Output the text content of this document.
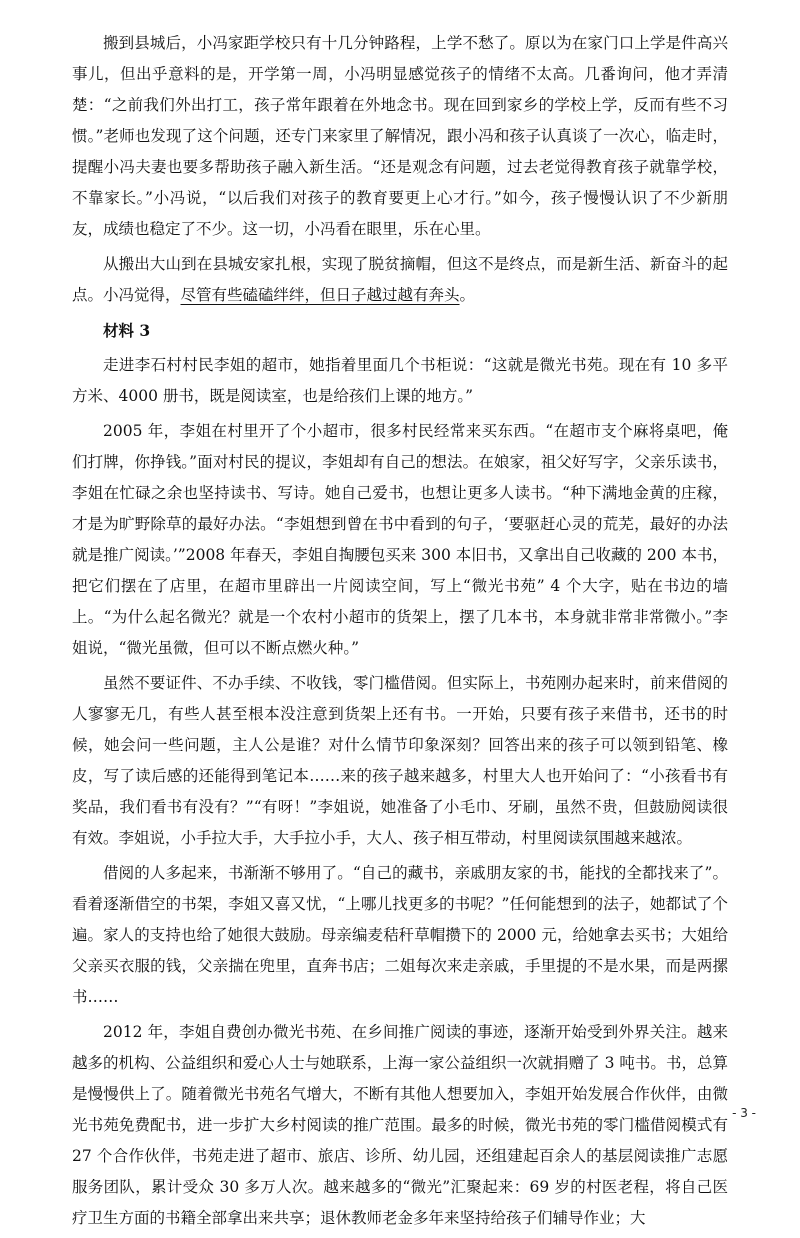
搬到县城后，小冯家距学校只有十几分钟路程，上学不愁了。原以为在家门口上学是件高兴事儿，但出乎意料的是，开学第一周，小冯明显感觉孩子的情绪不太高。几番询问，他才弄清楚：“之前我们外出打工，孩子常年跟着在外地念书。现在回到家乡的学校上学，反而有些不习惯。”老师也发现了这个问题，还专门来家里了解情况，跟小冯和孩子认真谈了一次心，临走时，提醒小冯夫妻也要多帮助孩子融入新生活。“还是观念有问题，过去老觉得教育孩子就靠学校，不靠家长。”小冯说，“以后我们对孩子的教育要更上心才行。”如今，孩子慢慢认识了不少新朋友，成绩也稳定了不少。这一切，小冯看在眼里，乐在心里。

从搬出大山到在县城安家扎根，实现了脱贫摘帽，但这不是终点，而是新生活、新奋斗的起点。小冯觉得，尽管有些磕磕绊绊，但日子越过越有奔头。

材料 3

走进李石村村民李姐的超市，她指着里面几个书柜说：“这就是微光书苑。现在有 10 多平方米、4000 册书，既是阅读室，也是给孩们上课的地方。”

2005 年，李姐在村里开了个小超市，很多村民经常来买东西。“在超市支个麻将桌吧，俺们打牌，你挣钱。”面对村民的提议，李姐却有自己的想法。在娘家，祖父好写字，父亲乐读书，李姐在忙碌之余也坚持读书、写诗。她自己爱书，也想让更多人读书。“种下满地金黄的庄稼，才是为旷野除草的最好办法。“李姐想到曾在书中看到的句子，‘要驱赶心灵的荒芜，最好的办法就是推广阅读。’”2008 年春天，李姐自掏腰包买来 300 本旧书，又拿出自己收藏的 200 本书，把它们摆在了店里，在超市里辟出一片阅读空间，写上“微光书苑” 4 个大字，贴在书边的墙上。“为什么起名微光？就是一个农村小超市的货架上，摆了几本书，本身就非常非常微小。”李姐说，“微光虽微，但可以不断点燃火种。”

虽然不要证件、不办手续、不收钱，零门槛借阅。但实际上，书苑刚办起来时，前来借阅的人寥寥无几，有些人甚至根本没注意到货架上还有书。一开始，只要有孩子来借书，还书的时候，她会问一些问题，主人公是谁？对什么情节印象深刻？回答出来的孩子可以领到铅笔、橡皮，写了读后感的还能得到笔记本……来的孩子越来越多，村里大人也开始问了：“小孩看书有奖品，我们看书有没有？”“有呀！”李姐说，她准备了小毛巾、牙刷，虽然不贵，但鼓励阅读很有效。李姐说，小手拉大手，大手拉小手，大人、孩子相互带动，村里阅读氛围越来越浓。

借阅的人多起来，书渐渐不够用了。“自己的藏书，亲戚朋友家的书，能找的全都找来了”。看着逐渐借空的书架，李姐又喜又忧，“上哪儿找更多的书呢？”任何能想到的法子，她都试了个遍。家人的支持也给了她很大鼓励。母亲编麦秸秆草帽攒下的 2000 元，给她拿去买书；大姐给父亲买衣服的钱，父亲揣在兜里，直奔书店；二姐每次来走亲戚，手里提的不是水果，而是两摞书……

2012 年，李姐自费创办微光书苑、在乡间推广阅读的事迹，逐渐开始受到外界关注。越来越多的机构、公益组织和爱心人士与她联系，上海一家公益组织一次就捐赠了 3 吨书。书，总算是慢慢供上了。随着微光书苑名气增大，不断有其他人想要加入，李姐开始发展合作伙伴，由微光书苑免费配书，进一步扩大乡村阅读的推广范围。最多的时候，微光书苑的零门槛借阅模式有 27 个合作伙伴，书苑走进了超市、旅店、诊所、幼儿园，还组建起百余人的基层阅读推广志愿服务团队，累计受众 30 多万人次。越来越多的“微光”汇聚起来：69 岁的村医老程，将自己医疗卫生方面的书籍全部拿出来共享；退休教师老金多年来坚持给孩子们辅导作业；大

- 3 -
